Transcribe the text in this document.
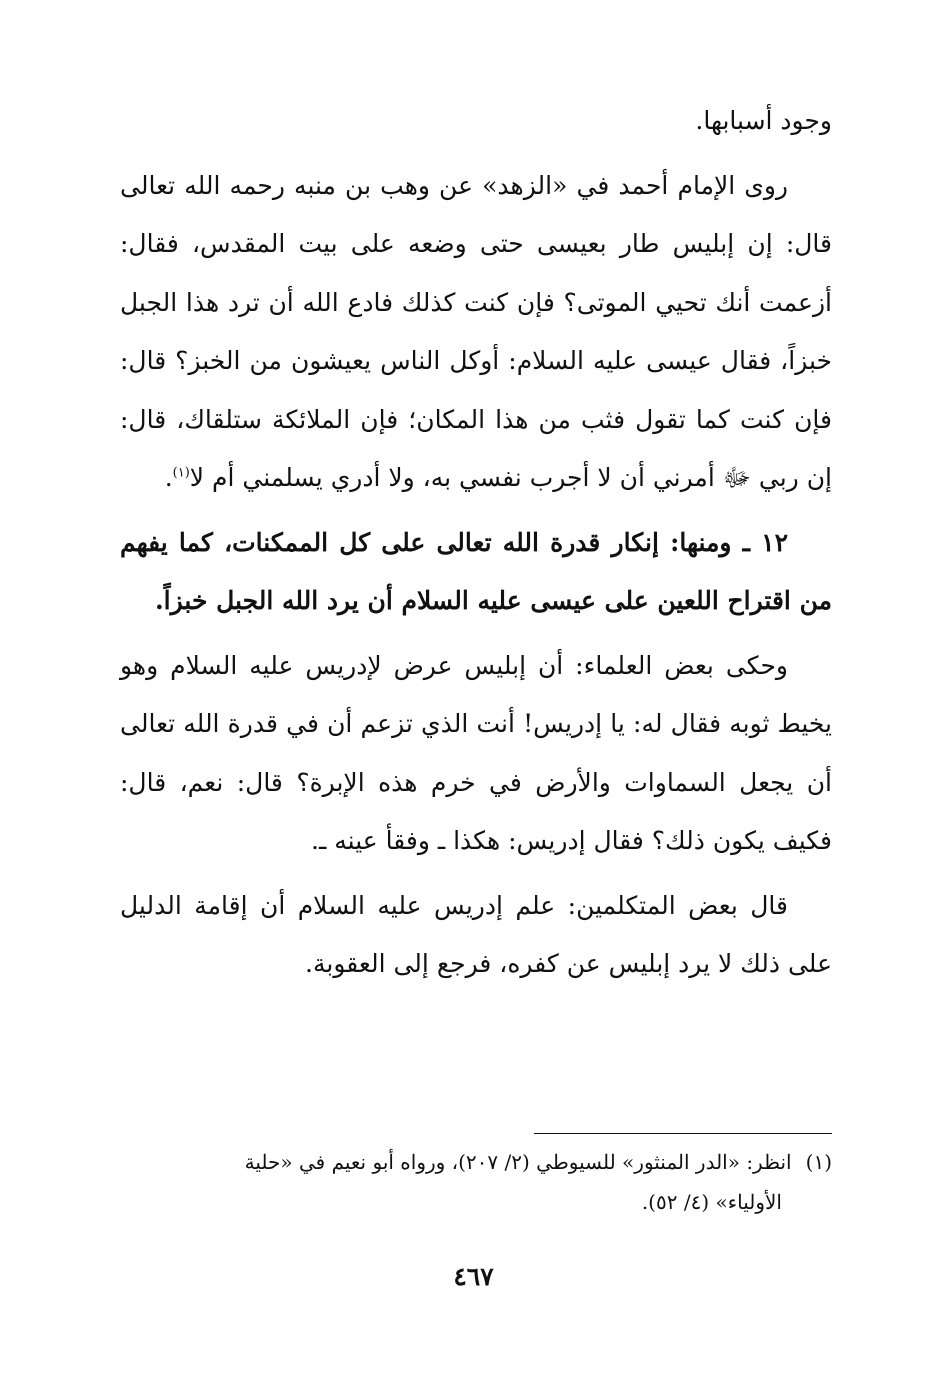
وجود أسبابها.

روى الإمام أحمد في «الزهد» عن وهب بن منبه رحمه الله تعالى قال: إن إبليس طار بعيسى حتى وضعه على بيت المقدس، فقال: أزعمت أنك تحيي الموتى؟ فإن كنت كذلك فادع الله أن ترد هذا الجبل خبزاً، فقال عيسى عليه السلام: أوكل الناس يعيشون من الخبز؟ قال: فإن كنت كما تقول فثب من هذا المكان؛ فإن الملائكة ستلقاك، قال: إن ربي ﷻ أمرني أن لا أجرب نفسي به، ولا أدري يسلمني أم لا$^{(١)}$.

١٢ ـ ومنها: إنكار قدرة الله تعالى على كل الممكنات، كما يفهم من اقتراح اللعين على عيسى عليه السلام أن يرد الله الجبل خبزاً.

وحكى بعض العلماء: أن إبليس عرض لإدريس عليه السلام وهو يخيط ثوبه فقال له: يا إدريس! أنت الذي تزعم أن في قدرة الله تعالى أن يجعل السماوات والأرض في خرم هذه الإبرة؟ قال: نعم، قال: فكيف يكون ذلك؟ فقال إدريس: هكذا ـ وفقأ عينه ـ.

قال بعض المتكلمين: علم إدريس عليه السلام أن إقامة الدليل على ذلك لا يرد إبليس عن كفره، فرجع إلى العقوبة.

(١)انظر: «الدر المنثور» للسيوطي (٢/ ٢٠٧)، ورواه أبو نعيم في «حلية

الأولياء» (٤/ ٥٢).

٤٦٧
